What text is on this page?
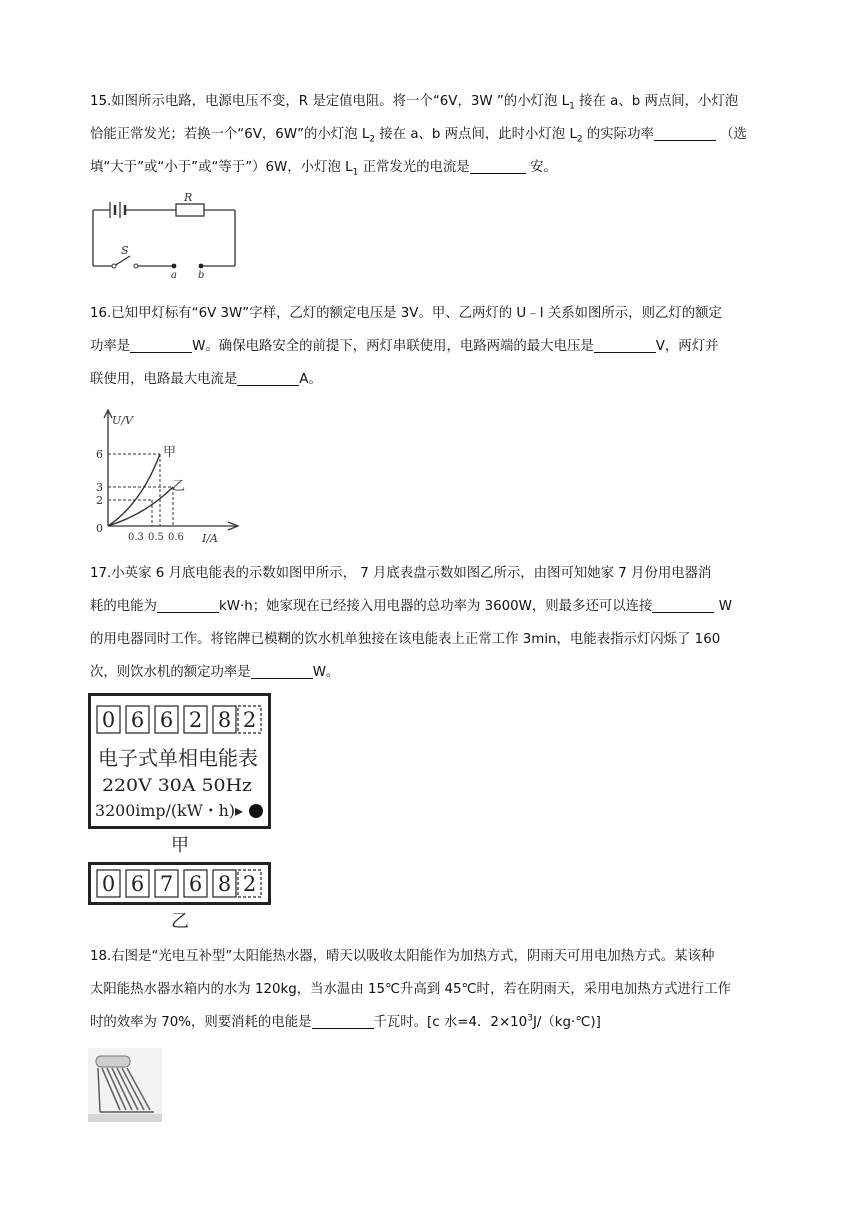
15.如图所示电路，电源电压不变，R 是定值电阻。将一个“6V，3W ”的小灯泡 $L_1$ 接在 a、b 两点间，小灯泡

恰能正常发光；若换一个“6V，6W”的小灯泡 $L_2$ 接在 a、b 两点间，此时小灯泡 $L_2$ 的实际功率	（选

填“大于”或“小于”或“等于”）6W，小灯泡 $L_1$ 正常发光的电流是	安。

R
S
a b

16.已知甲灯标有“6V 3W”字样，乙灯的额定电压是 3V。甲、乙两灯的 U﹣I 关系如图所示，则乙灯的额定

功率是	W。确保电路安全的前提下，两灯串联使用，电路两端的最大电压是	V，两灯并

联使用，电路最大电流是	A。

U/V
I/A
0
6
3
2
0.3 0.5 0.6
甲
乙

17.小英家 6 月底电能表的示数如图甲所示， 7 月底表盘示数如图乙所示，由图可知她家 7 月份用电器消

耗的电能为	kW·h；她家现在已经接入用电器的总功率为 3600W，则最多还可以连接	W

的用电器同时工作。将铭牌已模糊的饮水机单独接在该电能表上正常工作 3min，电能表指示灯闪烁了 160

次，则饮水机的额定功率是	W。

0 6 6 2 8 2
电子式单相电能表
220V 30A 50Hz
3200imp/(kW・h)▸
甲
0 6 7 6 8 2
乙

18.右图是“光电互补型”太阳能热水器，晴天以吸收太阳能作为加热方式，阴雨天可用电加热方式。某该种

太阳能热水器水箱内的水为 120kg，当水温由 15℃升高到 45℃时，若在阴雨天，采用电加热方式进行工作

时的效率为 70%，则要消耗的电能是	千瓦时。[c 水=4．$2\times 10^3J/(kg\cdot℃)$]
